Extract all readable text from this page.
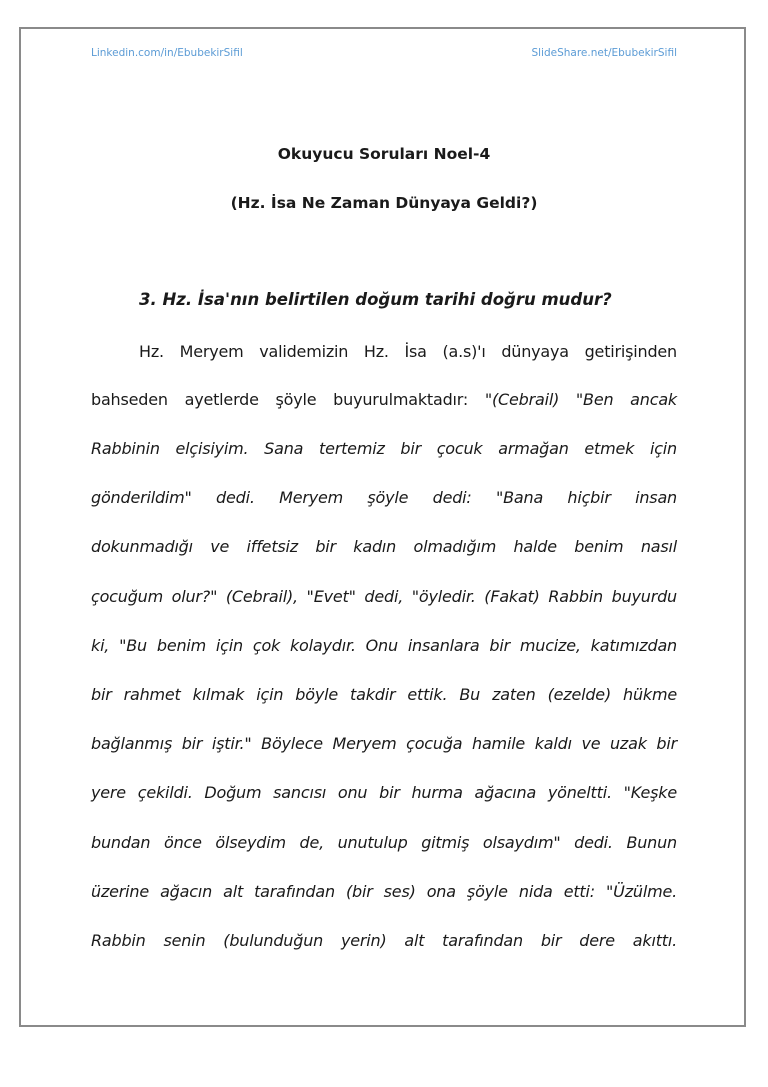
Linkedin.com/in/EbubekirSifil	SlideShare.net/EbubekirSifil
Okuyucu Soruları Noel-4
(Hz. İsa Ne Zaman Dünyaya Geldi?)
3. Hz. İsa'nın belirtilen doğum tarihi doğru mudur?
Hz. Meryem validemizin Hz. İsa (a.s)'ı dünyaya getirişinden
bahseden ayetlerde şöyle buyurulmaktadır: "(Cebrail) "Ben ancak
Rabbinin elçisiyim. Sana tertemiz bir çocuk armağan etmek için
gönderildim" dedi. Meryem şöyle dedi: "Bana hiçbir insan
dokunmadığı ve iffetsiz bir kadın olmadığım halde benim nasıl
çocuğum olur?" (Cebrail), "Evet" dedi, "öyledir. (Fakat) Rabbin buyurdu
ki, "Bu benim için çok kolaydır. Onu insanlara bir mucize, katımızdan
bir rahmet kılmak için böyle takdir ettik. Bu zaten (ezelde) hükme
bağlanmış bir iştir." Böylece Meryem çocuğa hamile kaldı ve uzak bir
yere çekildi. Doğum sancısı onu bir hurma ağacına yöneltti. "Keşke
bundan önce ölseydim de, unutulup gitmiş olsaydım" dedi. Bunun
üzerine ağacın alt tarafından (bir ses) ona şöyle nida etti: "Üzülme.
Rabbin senin (bulunduğun yerin) alt tarafından bir dere akıttı.
